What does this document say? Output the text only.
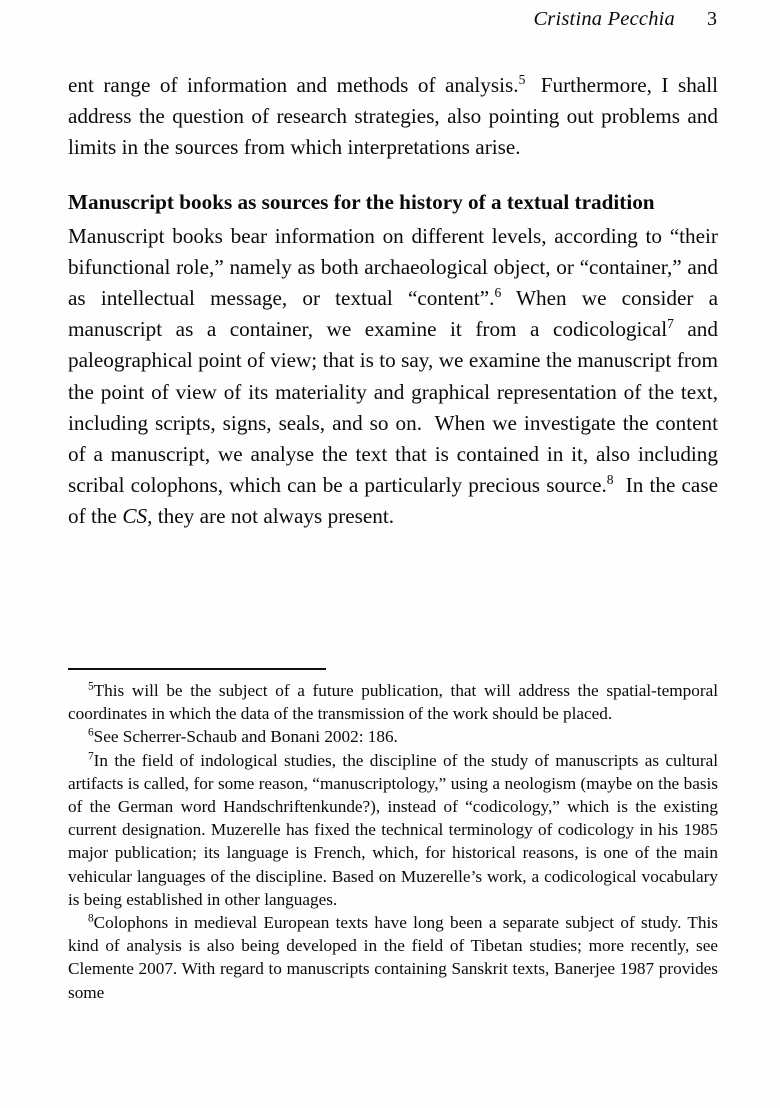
Cristina Pecchia 3

ent range of information and methods of analysis.$^5$ Furthermore, I shall address the question of research strategies, also pointing out problems and limits in the sources from which interpretations arise.

Manuscript books as sources for the history of a textual tradition

Manuscript books bear information on different levels, according to “their bifunctional role,” namely as both archaeological object, or “container,” and as intellectual message, or textual “content”.$^6$ When we consider a manuscript as a container, we examine it from a codicological$^7$ and paleographical point of view; that is to say, we examine the manuscript from the point of view of its materiality and graphical representation of the text, including scripts, signs, seals, and so on. When we investigate the content of a manuscript, we analyse the text that is contained in it, also including scribal colophons, which can be a particularly precious source.$^8$ In the case of the CS, they are not always present.

$^5$This will be the subject of a future publication, that will address the spatial-temporal coordinates in which the data of the transmission of the work should be placed.

$^6$See Scherrer-Schaub and Bonani 2002: 186.

$^7$In the field of indological studies, the discipline of the study of manuscripts as cultural artifacts is called, for some reason, “manuscriptology,” using a neologism (maybe on the basis of the German word Handschriftenkunde?), instead of “codicology,” which is the existing current designation. Muzerelle has fixed the technical terminology of codicology in his 1985 major publication; its language is French, which, for historical reasons, is one of the main vehicular languages of the discipline. Based on Muzerelle’s work, a codicological vocabulary is being established in other languages.

$^8$Colophons in medieval European texts have long been a separate subject of study. This kind of analysis is also being developed in the field of Tibetan studies; more recently, see Clemente 2007. With regard to manuscripts containing Sanskrit texts, Banerjee 1987 provides some
